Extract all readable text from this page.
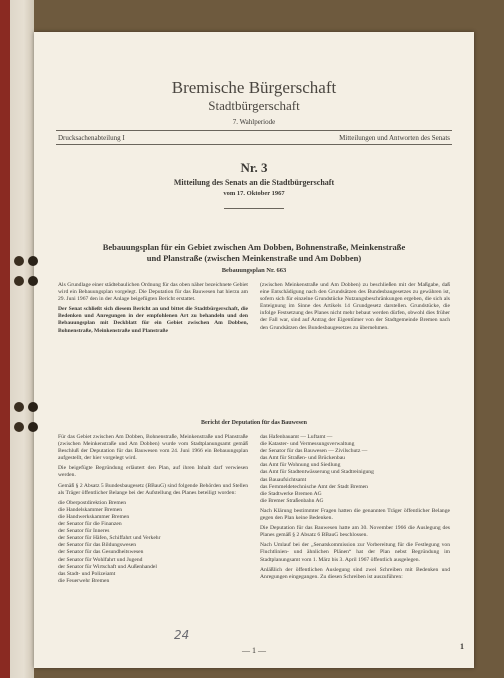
Bremische Bürgerschaft
Stadtbürgerschaft
7. Wahlperiode
Drucksachenabteilung I	Mitteilungen und Antworten des Senats
Nr. 3
Mitteilung des Senats an die Stadtbürgerschaft
vom 17. Oktober 1967
Bebauungsplan für ein Gebiet zwischen Am Dobben, Bohnenstraße, Meinkenstraße
und Planstraße (zwischen Meinkenstraße und Am Dobben)
Bebauungsplan Nr. 663

Als Grundlage einer städtebaulichen Ordnung für das oben näher bezeichnete Gebiet wird ein Bebauungsplan vorgelegt. Die Deputation für das Bauwesen hat hierzu am 29. Juni 1967 den in der Anlage beigefügten Bericht erstattet.

Der Senat schließt sich diesem Bericht an und bittet die Stadtbürgerschaft, die Bedenken und Anregungen in der empfohlenen Art zu behandeln und den Bebauungsplan mit Deckblatt für ein Gebiet zwischen Am Dobben, Bohnenstraße, Meinkenstraße und Planstraße

(zwischen Meinkenstraße und Am Dobben) zu beschließen mit der Maßgabe, daß eine Entschädigung nach den Grundsätzen des Bundesbaugesetzes zu gewähren ist, sofern sich für einzelne Grundstücke Nutzungsbeschränkungen ergeben, die sich als Enteignung im Sinne des Artikels 14 Grundgesetz darstellen. Grundstücke, die infolge Festsetzung des Planes nicht mehr bebaut werden dürfen, obwohl dies früher der Fall war, sind auf Antrag der Eigentümer von der Stadtgemeinde Bremen nach den Grundsätzen des Bundesbaugesetzes zu übernehmen.

Bericht der Deputation für das Bauwesen

Für das Gebiet zwischen Am Dobben, Bohnenstraße, Meinkenstraße und Planstraße (zwischen Meinkenstraße und Am Dobben) wurde vom Stadtplanungsamt gemäß Beschluß der Deputation für das Bauwesen vom 24. Juni 1966 ein Bebauungsplan aufgestellt, der hier vorgelegt wird.

Die beigefügte Begründung erläutert den Plan, auf ihren Inhalt darf verwiesen werden.

Gemäß § 2 Absatz 5 Bundesbaugesetz (BBauG) sind folgende Behörden und Stellen als Träger öffentlicher Belange bei der Aufstellung des Planes beteiligt worden:

die Oberpostdirektion Bremen
die Handelskammer Bremen
die Handwerkskammer Bremen
der Senator für die Finanzen
der Senator für Inneres
der Senator für Häfen, Schiffahrt und Verkehr
der Senator für das Bildungswesen
der Senator für das Gesundheitswesen
der Senator für Wohlfahrt und Jugend
der Senator für Wirtschaft und Außenhandel
das Stadt- und Polizeiamt
die Feuerwehr Bremen
das Hafenbauamt — Luftamt —
die Kataster- und Vermessungsverwaltung
der Senator für das Bauwesen — Zivilschutz —
das Amt für Straßen- und Brückenbau
das Amt für Wohnung und Siedlung
das Amt für Stadtentwässerung und Stadtreinigung
das Bauaufsichtsamt
das Fernmeldetechnische Amt der Stadt Bremen
die Stadtwerke Bremen AG
die Bremer Straßenbahn AG

Nach Klärung bestimmter Fragen hatten die genannten Träger öffentlicher Belange gegen den Plan keine Bedenken.

Die Deputation für das Bauwesen hatte am 30. November 1966 die Auslegung des Planes gemäß § 2 Absatz 6 BBauG beschlossen.

Nach Umlauf bei der „Senatskommission zur Vorbereitung für die Festlegung von Fluchtlinien- und ähnlichen Plänen“ hat der Plan nebst Begründung im Stadtplanungsamt vom 1. März bis 3. April 1967 öffentlich ausgelegen.

Anläßlich der öffentlichen Auslegung sind zwei Schreiben mit Bedenken und Anregungen eingegangen. Zu diesen Schreiben ist auszuführen:

24
— 1 —	1
